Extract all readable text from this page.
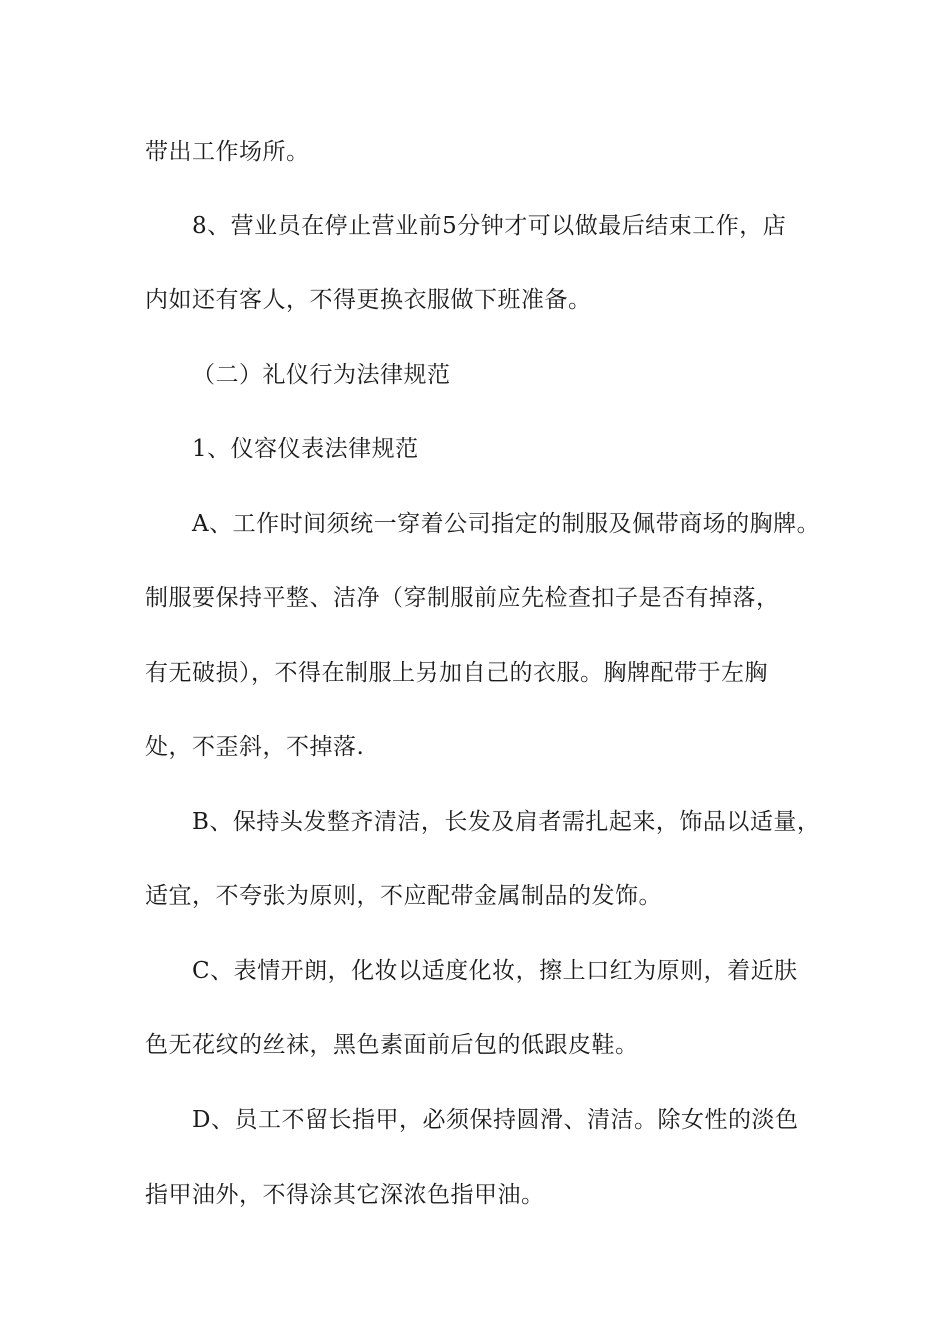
带出工作场所。
8、营业员在停止营业前5分钟才可以做最后结束工作，店
内如还有客人，不得更换衣服做下班准备。
（二）礼仪行为法律规范
1、仪容仪表法律规范
A、工作时间须统一穿着公司指定的制服及佩带商场的胸牌。
制服要保持平整、洁净（穿制服前应先检查扣子是否有掉落，
有无破损），不得在制服上另加自己的衣服。胸牌配带于左胸
处，不歪斜，不掉落.
B、保持头发整齐清洁，长发及肩者需扎起来，饰品以适量，
适宜，不夸张为原则，不应配带金属制品的发饰。
C、表情开朗，化妆以适度化妆，擦上口红为原则，着近肤
色无花纹的丝袜，黑色素面前后包的低跟皮鞋。
D、员工不留长指甲，必须保持圆滑、清洁。除女性的淡色
指甲油外，不得涂其它深浓色指甲油。
